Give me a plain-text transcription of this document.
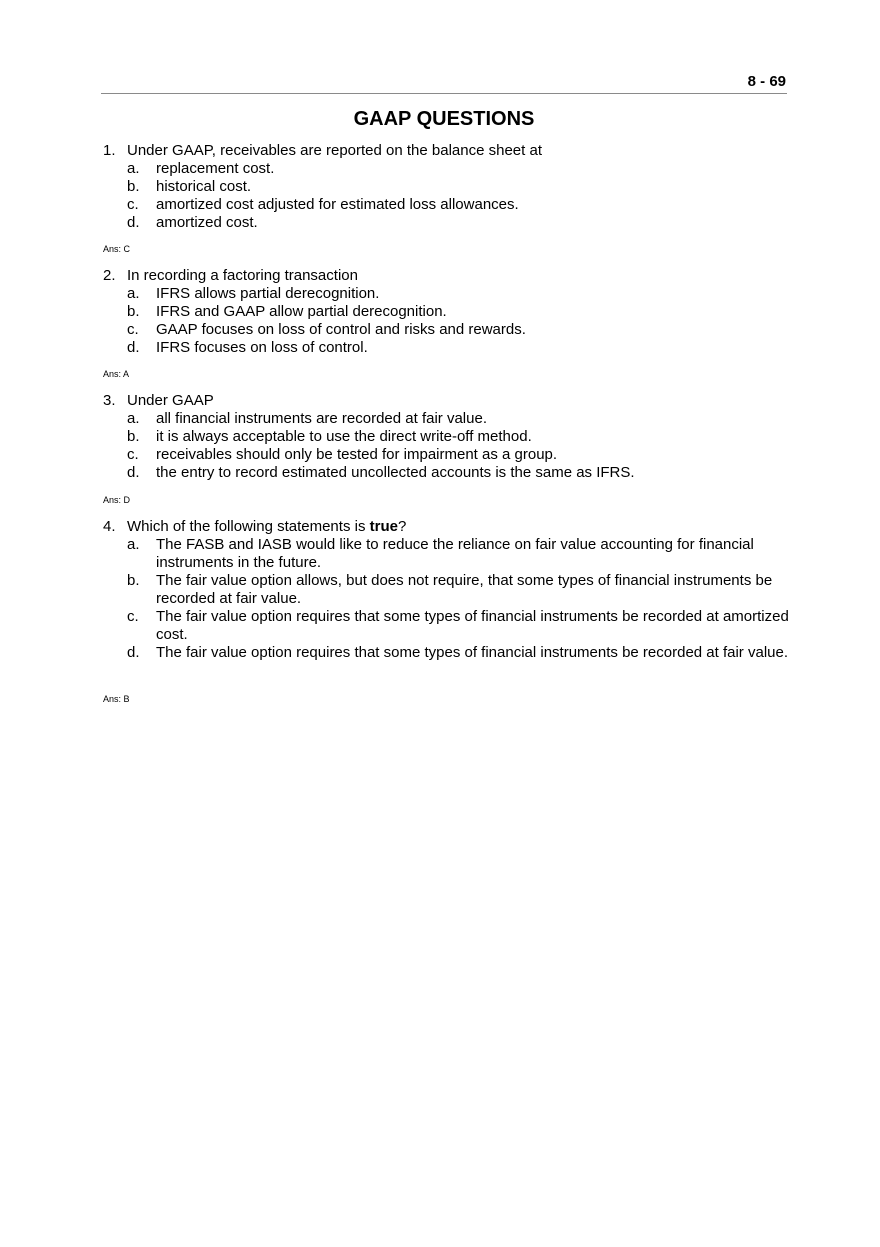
8 - 69
GAAP QUESTIONS
1. Under GAAP, receivables are reported on the balance sheet at
a. replacement cost.
b. historical cost.
c. amortized cost adjusted for estimated loss allowances.
d. amortized cost.
Ans: C
2. In recording a factoring transaction
a. IFRS allows partial derecognition.
b. IFRS and GAAP allow partial derecognition.
c. GAAP focuses on loss of control and risks and rewards.
d. IFRS focuses on loss of control.
Ans: A
3. Under GAAP
a. all financial instruments are recorded at fair value.
b. it is always acceptable to use the direct write-off method.
c. receivables should only be tested for impairment as a group.
d. the entry to record estimated uncollected accounts is the same as IFRS.
Ans: D
4. Which of the following statements is true?
a. The FASB and IASB would like to reduce the reliance on fair value accounting for financial instruments in the future.
b. The fair value option allows, but does not require, that some types of financial instruments be recorded at fair value.
c. The fair value option requires that some types of financial instruments be recorded at amortized cost.
d. The fair value option requires that some types of financial instruments be recorded at fair value.
Ans: B
